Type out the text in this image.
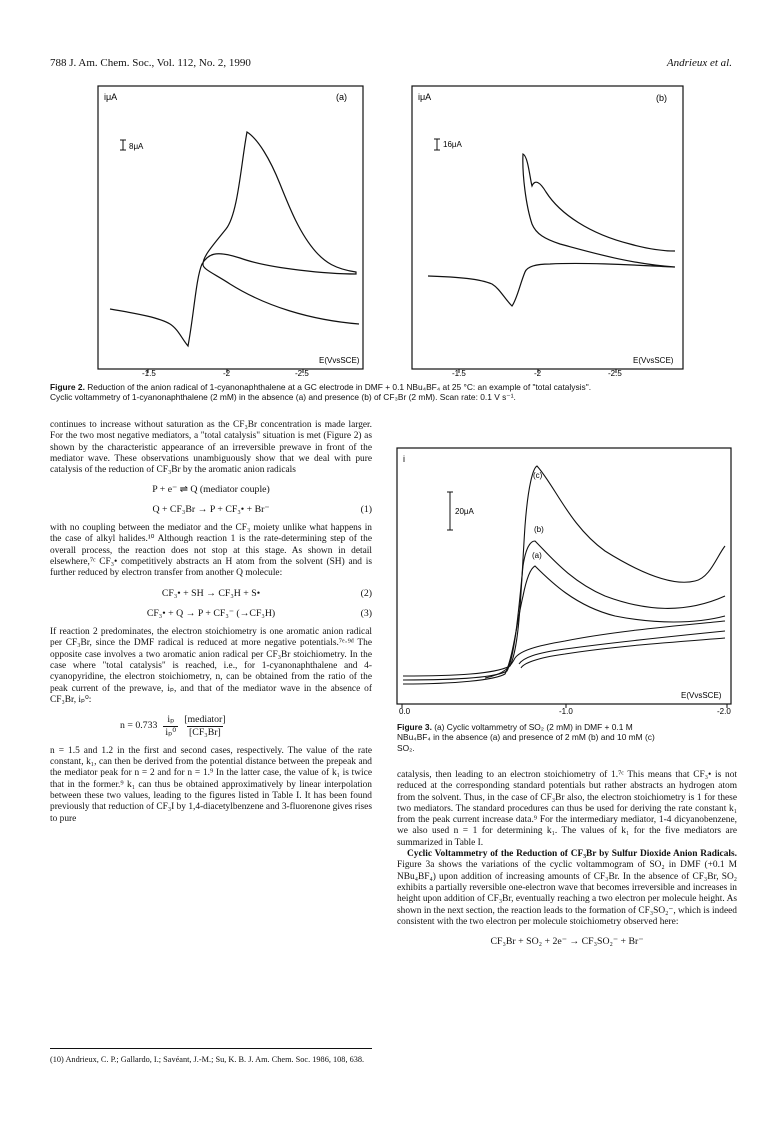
788 J. Am. Chem. Soc., Vol. 112, No. 2, 1990	Andrieux et al.
iμA	(a)
8μA
E(VvsSCE)
-1.5	-2	-2.5
iμA	(b)
16μA
E(VvsSCE)
-1.5	-2	-2.5
Figure 2. Reduction of the anion radical of 1-cyanonaphthalene at a GC electrode in DMF + 0.1 NBu₄BF₄ at 25 °C: an example of "total catalysis".
Cyclic voltammetry of 1-cyanonaphthalene (2 mM) in the absence (a) and presence (b) of CF₃Br (2 mM). Scan rate: 0.1 V s⁻¹.

continues to increase without saturation as the CF₃Br concentration is made larger. For the two most negative mediators, a "total catalysis" situation is met (Figure 2) as shown by the characteristic appearance of an irreversible prewave in front of the mediator wave. These observations unambiguously show that we deal with pure catalysis of the reduction of CF₃Br by the aromatic anion radicals

P + e⁻ ⇌ Q (mediator couple)
Q + CF₃Br → P + CF₃• + Br⁻	(1)

with no coupling between the mediator and the CF₃ moiety unlike what happens in the case of alkyl halides.¹⁰ Although reaction 1 is the rate-determining step of the overall process, the reaction does not stop at this stage. As shown in detail elsewhere,⁷ᶜ CF₃• competitively abstracts an H atom from the solvent (SH) and is further reduced by electron transfer from another Q molecule:

CF₃• + SH → CF₃H + S•	(2)
CF₃• + Q → P + CF₃⁻ (→CF₃H)	(3)

If reaction 2 predominates, the electron stoichiometry is one aromatic anion radical per CF₃Br, since the DMF radical is reduced at more negative potentials.⁷ᵉ·⁹ᵈ The opposite case involves a two aromatic anion radical per CF₃Br stoichiometry. In the case where "total catalysis" is reached, i.e., for 1-cyanonaphthalene and 4-cyanopyridine, the electron stoichiometry, n, can be obtained from the ratio of the peak current of the prewave, iₚ, and that of the mediator wave in the absence of CF₃Br, iₚ⁰:

$n = 0.733 \frac{\text{iₚ}}{\text{iₚ⁰}}$ [mediator]
[CF₃Br]

n = 1.5 and 1.2 in the first and second cases, respectively. The value of the rate constant, k₁, can then be derived from the potential distance between the prepeak and the mediator peak for n = 2 and for n = 1.⁹ In the latter case, the value of k₁ is twice that in the former.⁹ k₁ can thus be obtained approximatively by linear interpolation between these two values, leading to the figures listed in Table I. It has been found previously that reduction of CF₃I by 1,4-diacetylbenzene and 3-fluorenone gives rises to pure

(10) Andrieux, C. P.; Gallardo, I.; Savéant, J.-M.; Su, K. B. J. Am. Chem. Soc. 1986, 108, 638.
i
20μA
(c)
(b)
(a)
E(VvsSCE)
0.0	-1.0	-2.0
Figure 3. (a) Cyclic voltammetry of SO₂ (2 mM) in DMF + 0.1 M
NBu₄BF₄ in the absence (a) and presence of 2 mM (b) and 10 mM (c)
SO₂.

catalysis, then leading to an electron stoichiometry of 1.⁷ᶜ This means that CF₃• is not reduced at the corresponding standard potentials but rather abstracts an hydrogen atom from the solvent. Thus, in the case of CF₃Br also, the electron stoichiometry is 1 for these two mediators. The standard procedures can thus be used for deriving the rate constant k₁ from the peak current increase data.⁹ For the intermediary mediator, 1-4 dicyanobenzene, we also used n = 1 for determining k₁. The values of k₁ for the five mediators are summarized in Table I.

Cyclic Voltammetry of the Reduction of CF₃Br by Sulfur Dioxide Anion Radicals. Figure 3a shows the variations of the cyclic voltammogram of SO₂ in DMF (+0.1 M NBu₄BF₄) upon addition of increasing amounts of CF₃Br. In the absence of CF₃Br, SO₂ exhibits a partially reversible one-electron wave that becomes irreversible and increases in height upon addition of CF₃Br, eventually reaching a two electron per molecule height. As shown in the next section, the reaction leads to the formation of CF₃SO₂⁻, which is indeed consistent with the two electron per molecule stoichiometry observed here:

CF₃Br + SO₂ + 2e⁻ → CF₃SO₂⁻ + Br⁻
